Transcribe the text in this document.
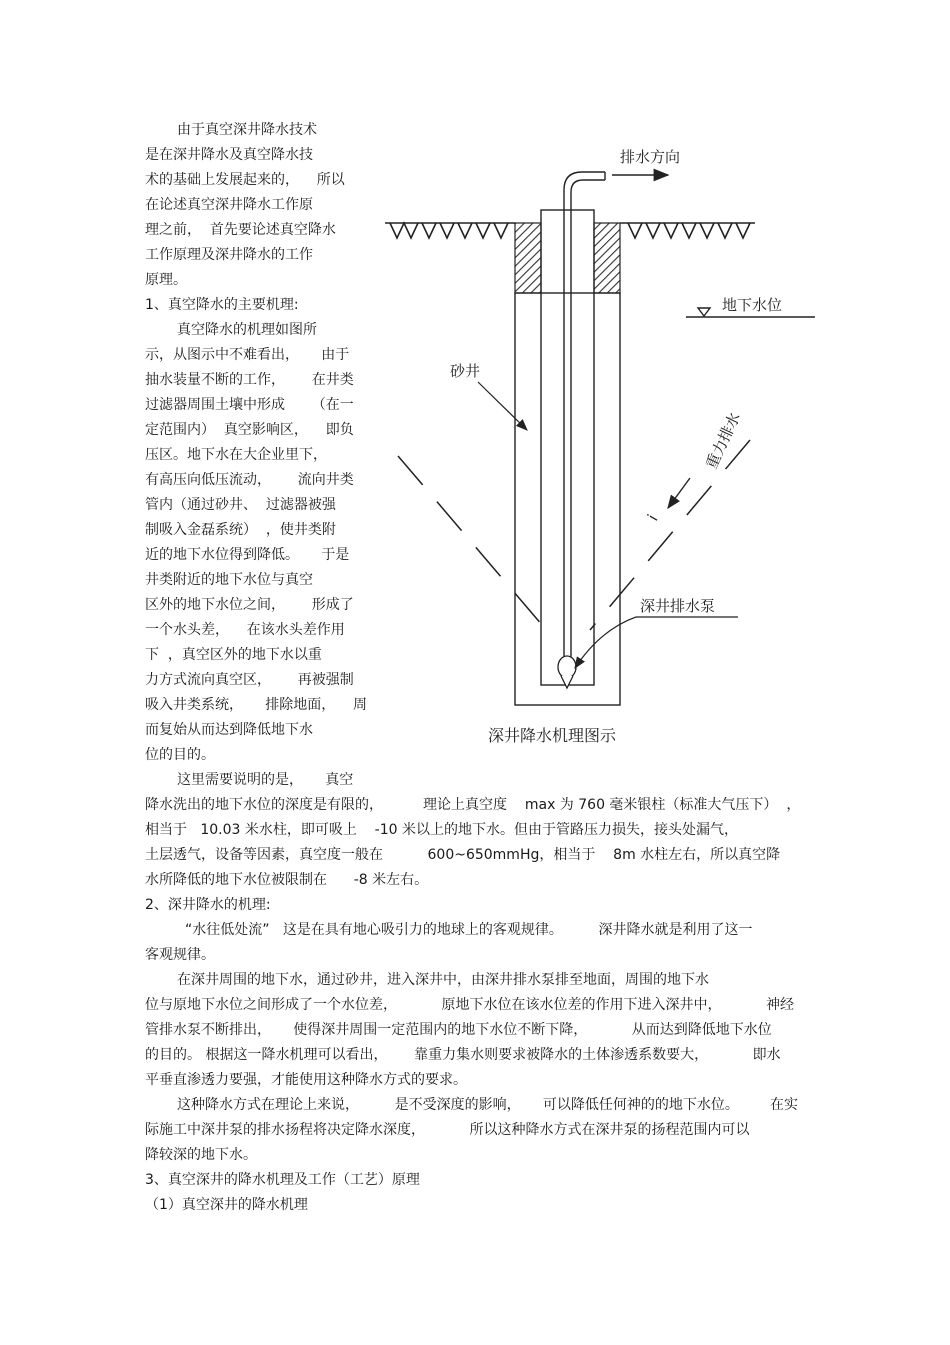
排水方向
地下水位
砂井
重力排水
i
深井排水泵
深井降水机理图示
由于真空深井降水技术
是在深井降水及真空降水技
术的基础上发展起来的，    所以
在论述真空深井降水工作原
理之前，  首先要论述真空降水
工作原理及深井降水的工作
原理。
1、真空降水的主要机理:
真空降水的机理如图所
示，从图示中不难看出，     由于
抽水装量不断的工作，      在井类
过滤器周围土壤中形成      （在一
定范围内）  真空影响区，    即负
压区。地下水在大企业里下，
有高压向低压流动，      流向井类
管内（通过砂井、  过滤器被强
制吸入金磊系统）  ，使井类附
近的地下水位得到降低。     于是
井类附近的地下水位与真空
区外的地下水位之间，      形成了
一个水头差，    在该水头差作用
下  ，真空区外的地下水以重
力方式流向真空区，      再被强制
吸入井类系统，     排除地面，    周
而复始从而达到降低地下水
位的目的。
这里需要说明的是，     真空
降水洗出的地下水位的深度是有限的，         理论上真空度    max 为 760 毫米银柱（标准大气压下）  ，
相当于   10.03 米水柱，即可吸上    -10 米以上的地下水。但由于管路压力损失，接头处漏气，
土层透气，设备等因素，真空度一般在          600~650mmHg，相当于    8m 水柱左右，所以真空降
水所降低的地下水位被限制在      -8 米左右。
2、深井降水的机理:
“水往低处流”   这是在具有地心吸引力的地球上的客观规律。        深井降水就是利用了这一
客观规律。
在深井周围的地下水，通过砂井，进入深井中，由深井排水泵排至地面，周围的地下水
位与原地下水位之间形成了一个水位差，          原地下水位在该水位差的作用下进入深井中，          神经
管排水泵不断排出，     使得深井周围一定范围内的地下水位不断下降，          从而达到降低地下水位
的目的。 根据这一降水机理可以看出，      靠重力集水则要求被降水的土体渗透系数要大，          即水
平垂直渗透力要强，才能使用这种降水方式的要求。
这种降水方式在理论上来说，        是不受深度的影响，     可以降低任何神的的地下水位。       在实
际施工中深井泵的排水扬程将决定降水深度，          所以这种降水方式在深井泵的扬程范围内可以
降较深的地下水。
3、真空深井的降水机理及工作（工艺）原理
（1）真空深井的降水机理
